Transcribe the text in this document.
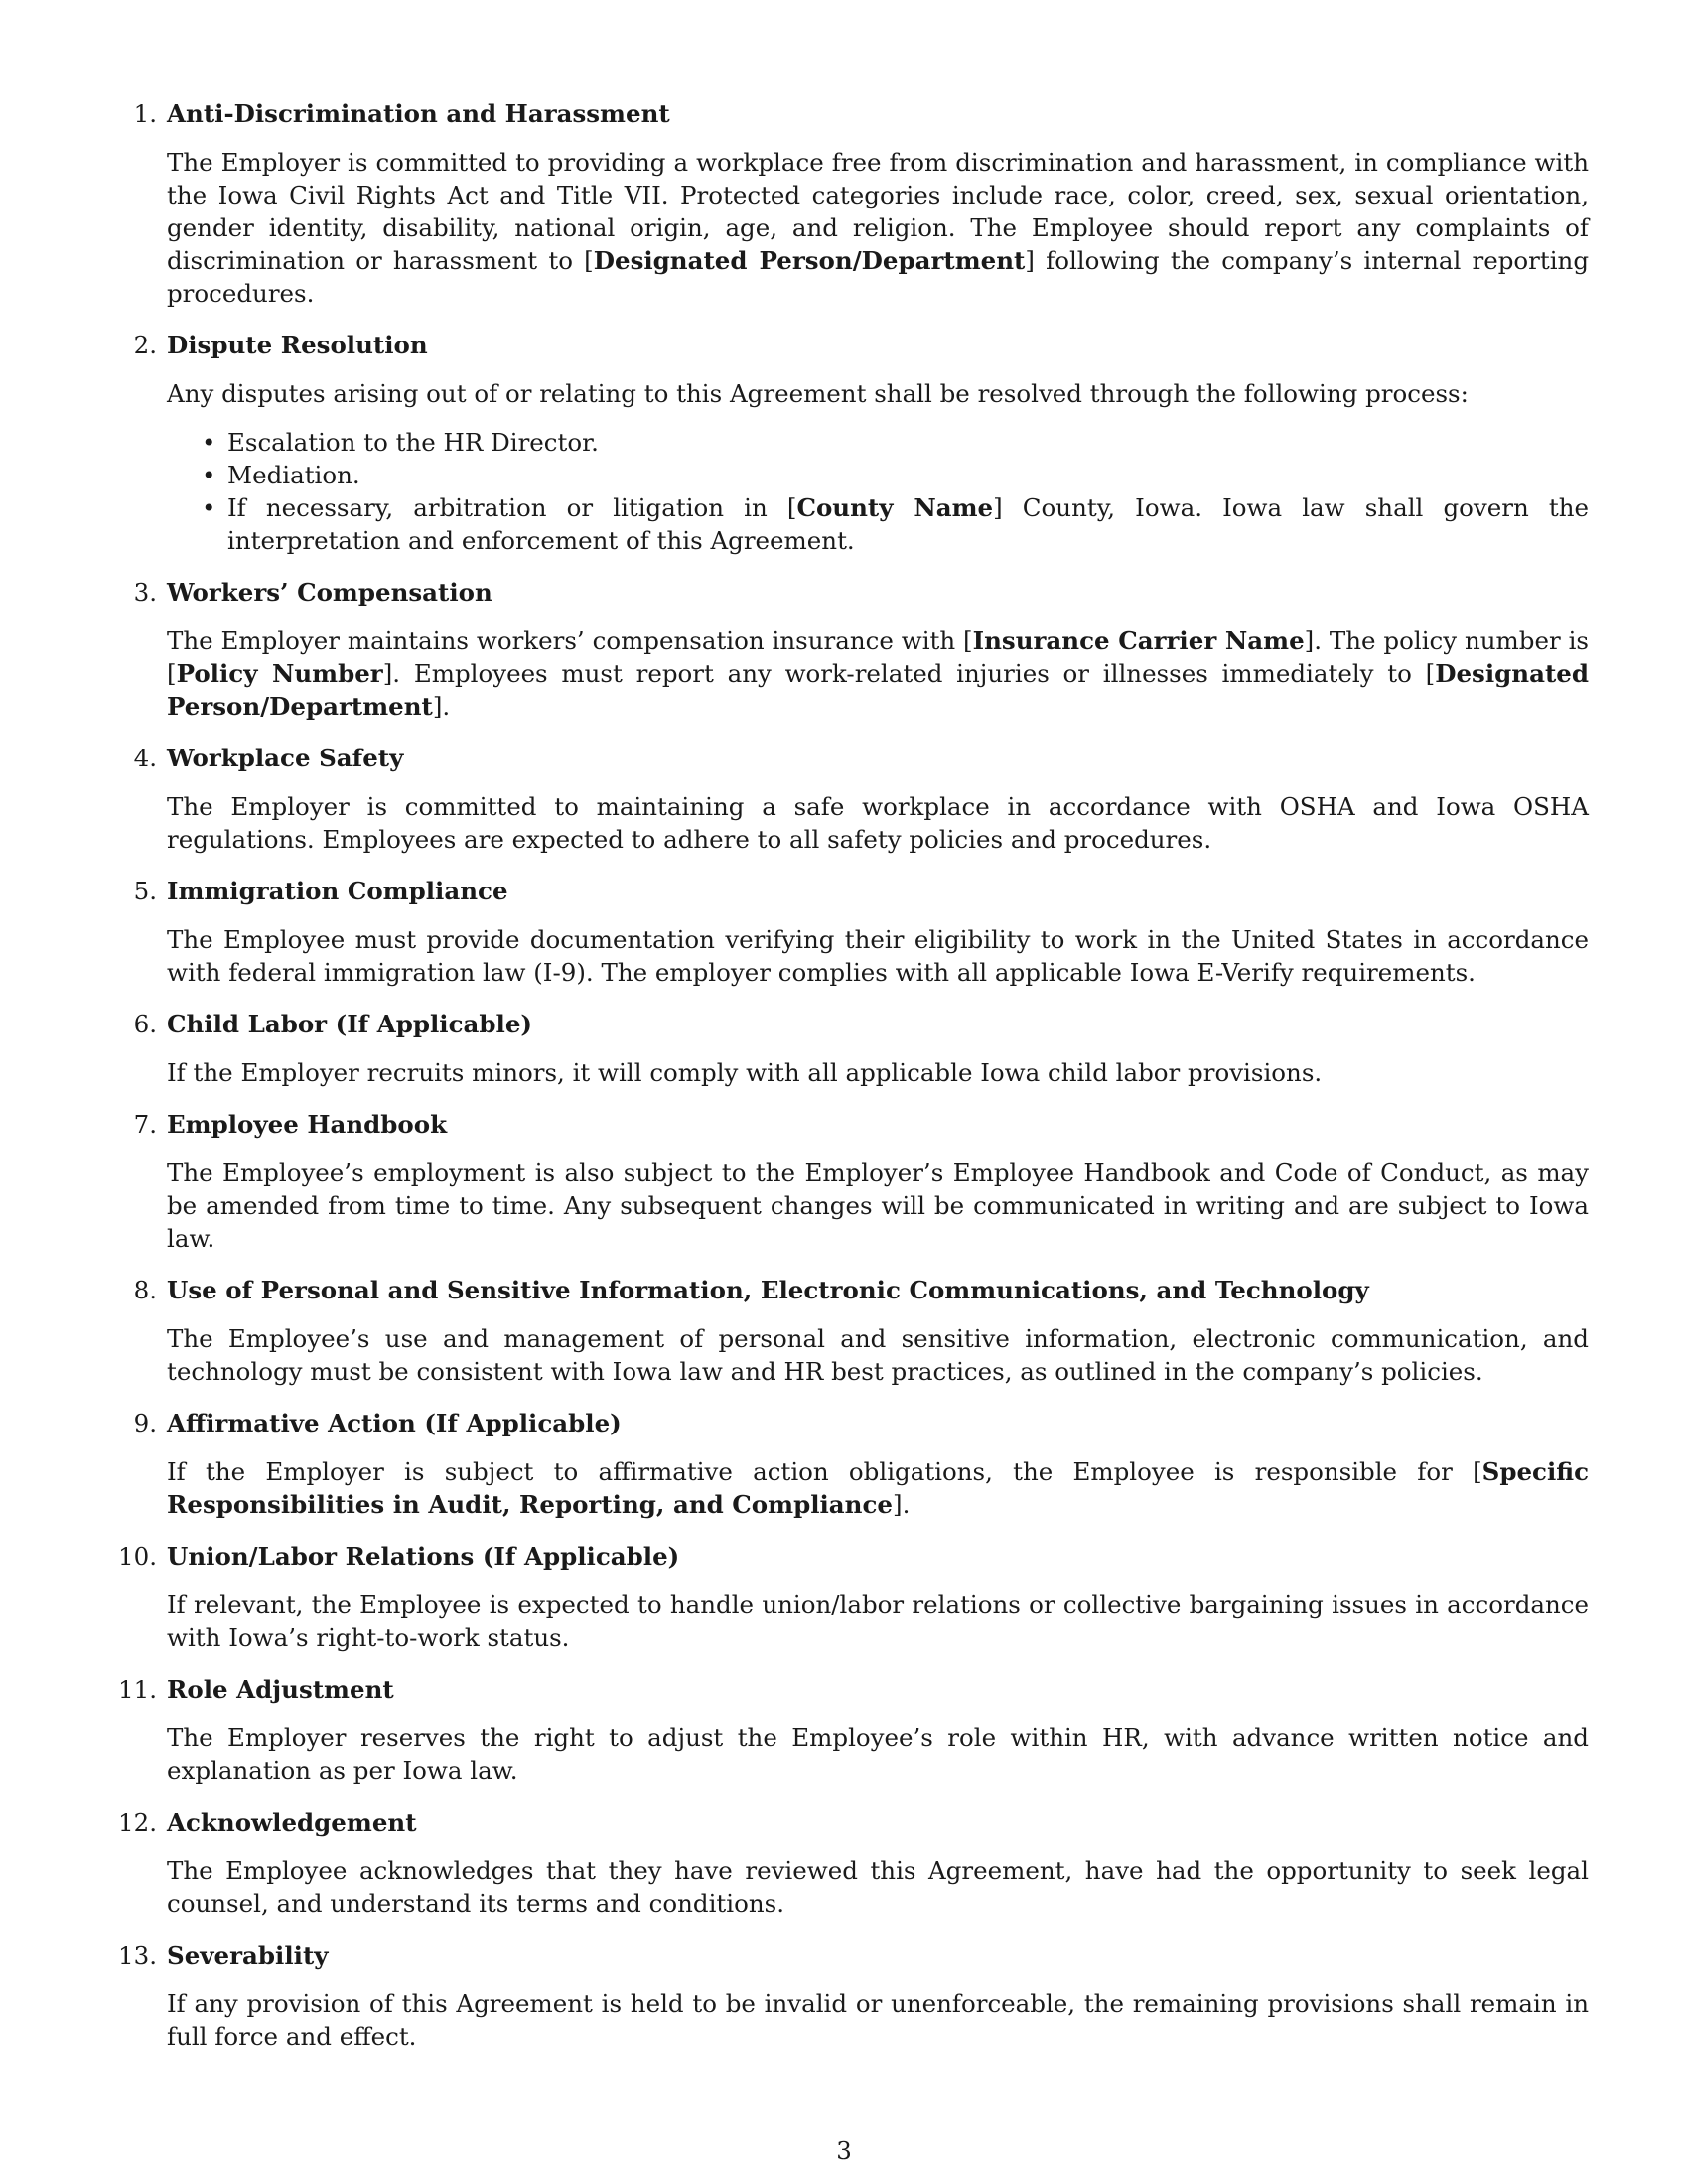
1. Anti-Discrimination and Harassment

The Employer is committed to providing a workplace free from discrimination and harassment, in compliance with the Iowa Civil Rights Act and Title VII. Protected categories include race, color, creed, sex, sexual orientation, gender identity, disability, national origin, age, and religion. The Employee should report any complaints of discrimination or harassment to [Designated Person/Department] following the company’s internal reporting procedures.

2. Dispute Resolution

Any disputes arising out of or relating to this Agreement shall be resolved through the following process:

• Escalation to the HR Director.
• Mediation.
• If necessary, arbitration or litigation in [County Name] County, Iowa. Iowa law shall govern the interpretation and enforcement of this Agreement.
3. Workers’ Compensation

The Employer maintains workers’ compensation insurance with [Insurance Carrier Name]. The policy number is [Policy Number]. Employees must report any work-related injuries or illnesses immediately to [Designated Person/Department].

4. Workplace Safety

The Employer is committed to maintaining a safe workplace in accordance with OSHA and Iowa OSHA regulations. Employees are expected to adhere to all safety policies and procedures.

5. Immigration Compliance

The Employee must provide documentation verifying their eligibility to work in the United States in accordance with federal immigration law (I-9). The employer complies with all applicable Iowa E-Verify requirements.

6. Child Labor (If Applicable)

If the Employer recruits minors, it will comply with all applicable Iowa child labor provisions.

7. Employee Handbook

The Employee’s employment is also subject to the Employer’s Employee Handbook and Code of Conduct, as may be amended from time to time. Any subsequent changes will be communicated in writing and are subject to Iowa law.

8. Use of Personal and Sensitive Information, Electronic Communications, and Technology

The Employee’s use and management of personal and sensitive information, electronic communication, and technology must be consistent with Iowa law and HR best practices, as outlined in the company’s policies.

9. Affirmative Action (If Applicable)

If the Employer is subject to affirmative action obligations, the Employee is responsible for [Specific Responsibilities in Audit, Reporting, and Compliance].

10. Union/Labor Relations (If Applicable)

If relevant, the Employee is expected to handle union/labor relations or collective bargaining issues in accordance with Iowa’s right-to-work status.

11. Role Adjustment

The Employer reserves the right to adjust the Employee’s role within HR, with advance written notice and explanation as per Iowa law.

12. Acknowledgement

The Employee acknowledges that they have reviewed this Agreement, have had the opportunity to seek legal counsel, and understand its terms and conditions.

13. Severability

If any provision of this Agreement is held to be invalid or unenforceable, the remaining provisions shall remain in full force and effect.

3
